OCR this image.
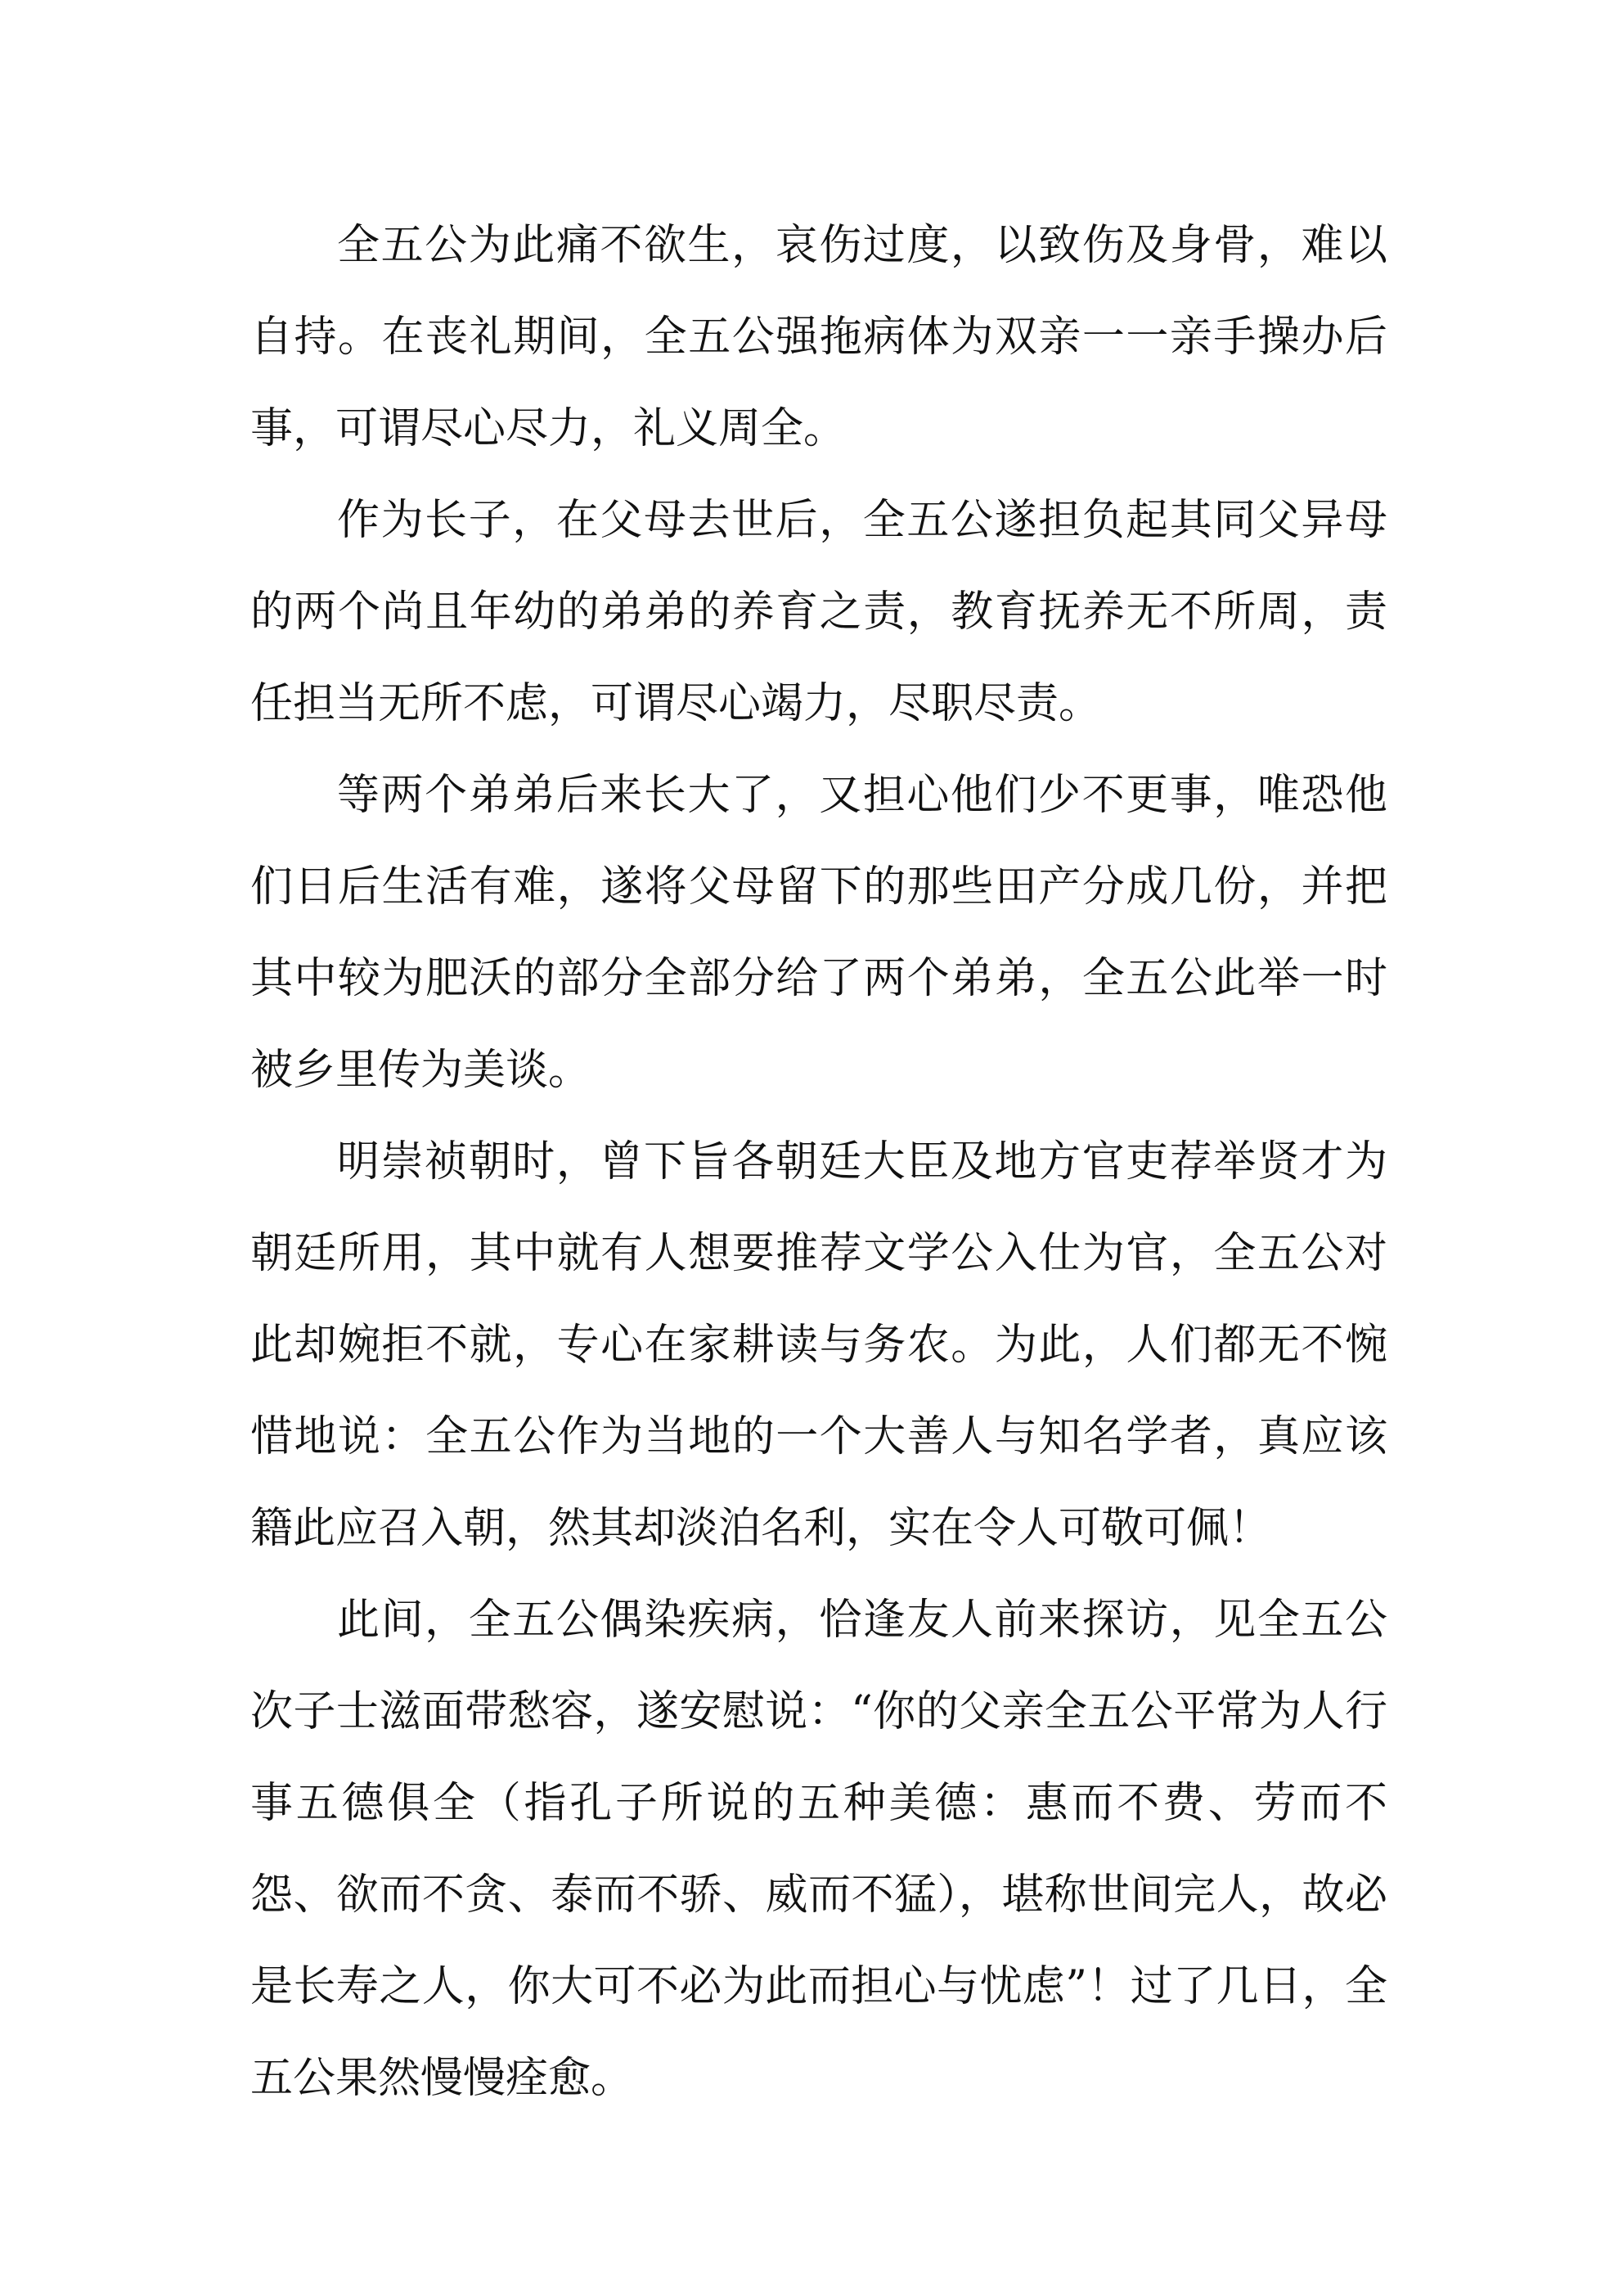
全五公为此痛不欲生，哀伤过度，以致伤及身骨，难以自持。在丧礼期间，全五公强拖病体为双亲一一亲手操办后事，可谓尽心尽力，礼义周全。

作为长子，在父母去世后，全五公遂担负起其同父异母的两个尚且年幼的弟弟的养育之责，教育抚养无不所周，责任担当无所不虑，可谓尽心竭力，尽职尽责。

等两个弟弟后来长大了，又担心他们少不更事，唯恐他们日后生活有难，遂将父母留下的那些田产分成几份，并把其中较为肥沃的部分全部分给了两个弟弟，全五公此举一时被乡里传为美谈。

明崇祯朝时，曾下旨各朝廷大臣及地方官吏荐举贤才为朝廷所用，其中就有人想要推荐文学公入仕为官，全五公对此却婉拒不就，专心在家耕读与务农。为此，人们都无不惋惜地说：全五公作为当地的一个大善人与知名学者，真应该籍此应召入朝，然其却淡泊名利，实在令人可敬可佩！

此间，全五公偶染疾病，恰逢友人前来探访，见全五公次子士滋面带愁容，遂安慰说：“你的父亲全五公平常为人行事五德俱全（指孔子所说的五种美德：惠而不费、劳而不怨、欲而不贪、泰而不骄、威而不猛），堪称世间完人，故必是长寿之人，你大可不必为此而担心与忧虑”！过了几日，全五公果然慢慢痊愈。
